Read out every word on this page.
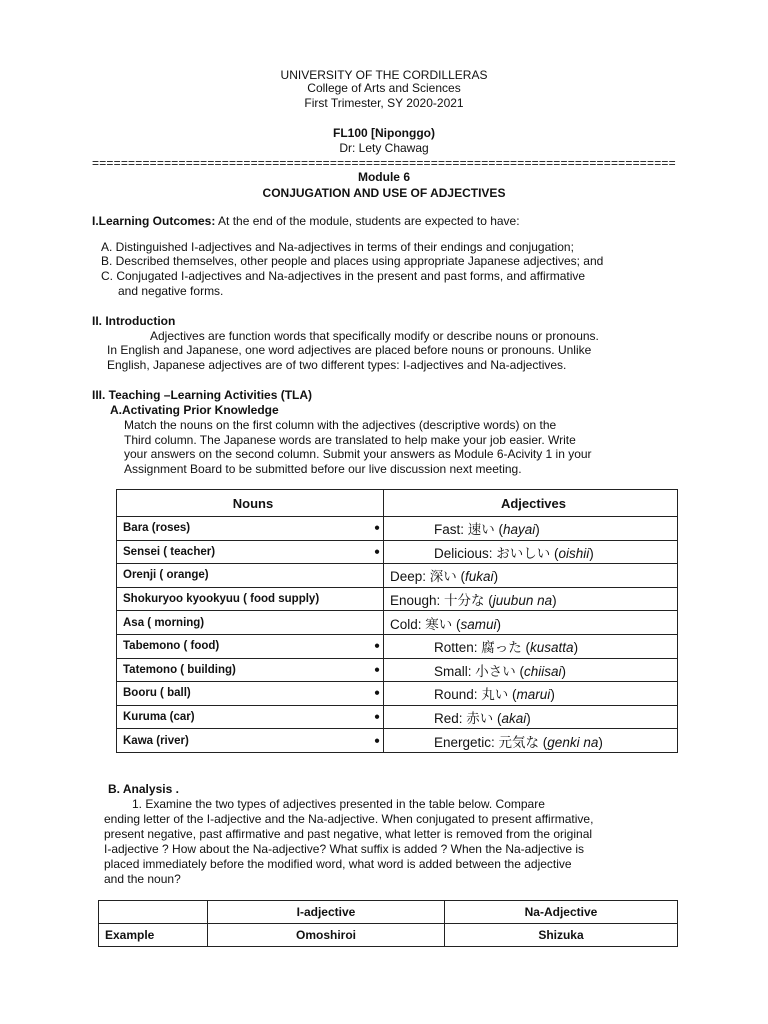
UNIVERSITY OF THE CORDILLERAS
College of Arts and Sciences
First Trimester, SY 2020-2021
FL100 [Niponggo)
Dr: Lety Chawag
=================================================================================
Module 6
CONJUGATION AND USE OF ADJECTIVES
I.Learning Outcomes: At the end of the module, students are expected to have:
A. Distinguished I-adjectives and Na-adjectives in terms of their endings and conjugation;
B. Described themselves, other people and places using appropriate Japanese adjectives; and
C. Conjugated I-adjectives and Na-adjectives in the present and past forms, and affirmative
and negative forms.
II. Introduction
Adjectives are function words that specifically modify or describe nouns or pronouns.
In English and Japanese, one word adjectives are placed before nouns or pronouns. Unlike
English, Japanese adjectives are of two different types: I-adjectives and Na-adjectives.
III. Teaching –Learning Activities (TLA)
A.Activating Prior Knowledge
Match the nouns on the first column with the adjectives (descriptive words) on the
Third column. The Japanese words are translated to help make your job easier. Write
your answers on the second column. Submit your answers as Module 6-Acivity 1 in your
Assignment Board to be submitted before our live discussion next meeting.
Nouns	Adjectives
Bara (roses) ●	Fast: 速い (hayai)
Sensei ( teacher) ●	Delicious: おいしい (oishii)
Orenji ( orange)	Deep: 深い (fukai)
Shokuryoo kyookyuu ( food supply)	Enough: 十分な (juubun na)
Asa ( morning)	Cold: 寒い (samui)
Tabemono ( food) ●	Rotten: 腐った (kusatta)
Tatemono ( building) ●	Small: 小さい (chiisai)
Booru ( ball) ●	Round: 丸い (marui)
Kuruma (car) ●	Red: 赤い (akai)
Kawa (river) ●	Energetic: 元気な (genki na)
B. Analysis .
1. Examine the two types of adjectives presented in the table below. Compare
ending letter of the I-adjective and the Na-adjective. When conjugated to present affirmative,
present negative, past affirmative and past negative, what letter is removed from the original
I-adjective ? How about the Na-adjective? What suffix is added ? When the Na-adjective is
placed immediately before the modified word, what word is added between the adjective
and the noun?
	I-adjective	Na-Adjective
Example	Omoshiroi	Shizuka
